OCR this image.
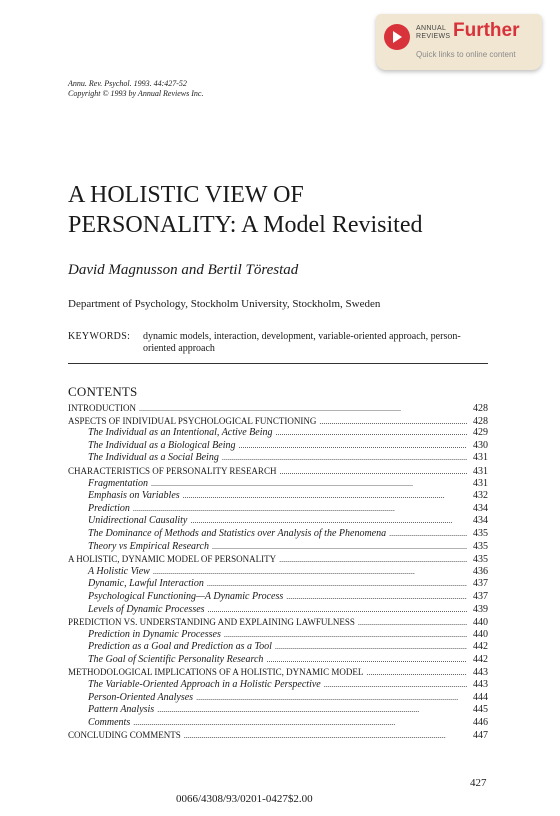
ANNUAL
REVIEWS Further
Quick links to online content
Annu. Rev. Psychol. 1993. 44:427-52
Copyright © 1993 by Annual Reviews Inc.
A HOLISTIC VIEW OF
PERSONALITY: A Model Revisited
David Magnusson and Bertil Törestad
Department of Psychology, Stockholm University, Stockholm, Sweden
KEYWORDS: dynamic models, interaction, development, variable-oriented approach, person-oriented approach
CONTENTS
INTRODUCTION . . .	428
ASPECTS OF INDIVIDUAL PSYCHOLOGICAL FUNCTIONING . . .	428
The Individual as an Intentional, Active Being . . .	429
The Individual as a Biological Being . . .	430
The Individual as a Social Being . . .	431
CHARACTERISTICS OF PERSONALITY RESEARCH . . .	431
Fragmentation . . .	431
Emphasis on Variables . . .	432
Prediction . . .	434
Unidirectional Causality . . .	434
The Dominance of Methods and Statistics over Analysis of the Phenomena . . .	435
Theory vs Empirical Research . . .	435
A HOLISTIC, DYNAMIC MODEL OF PERSONALITY . . .	435
A Holistic View . . .	436
Dynamic, Lawful Interaction . . .	437
Psychological Functioning—A Dynamic Process . . .	437
Levels of Dynamic Processes . . .	439
PREDICTION VS. UNDERSTANDING AND EXPLAINING LAWFULNESS . . .	440
Prediction in Dynamic Processes . . .	440
Prediction as a Goal and Prediction as a Tool . . .	442
The Goal of Scientific Personality Research . . .	442
METHODOLOGICAL IMPLICATIONS OF A HOLISTIC, DYNAMIC MODEL . . .	443
The Variable-Oriented Approach in a Holistic Perspective . . .	443
Person-Oriented Analyses . . .	444
Pattern Analysis . . .	445
Comments . . .	446
CONCLUDING COMMENTS . . .	447
427
0066/4308/93/0201-0427$2.00
